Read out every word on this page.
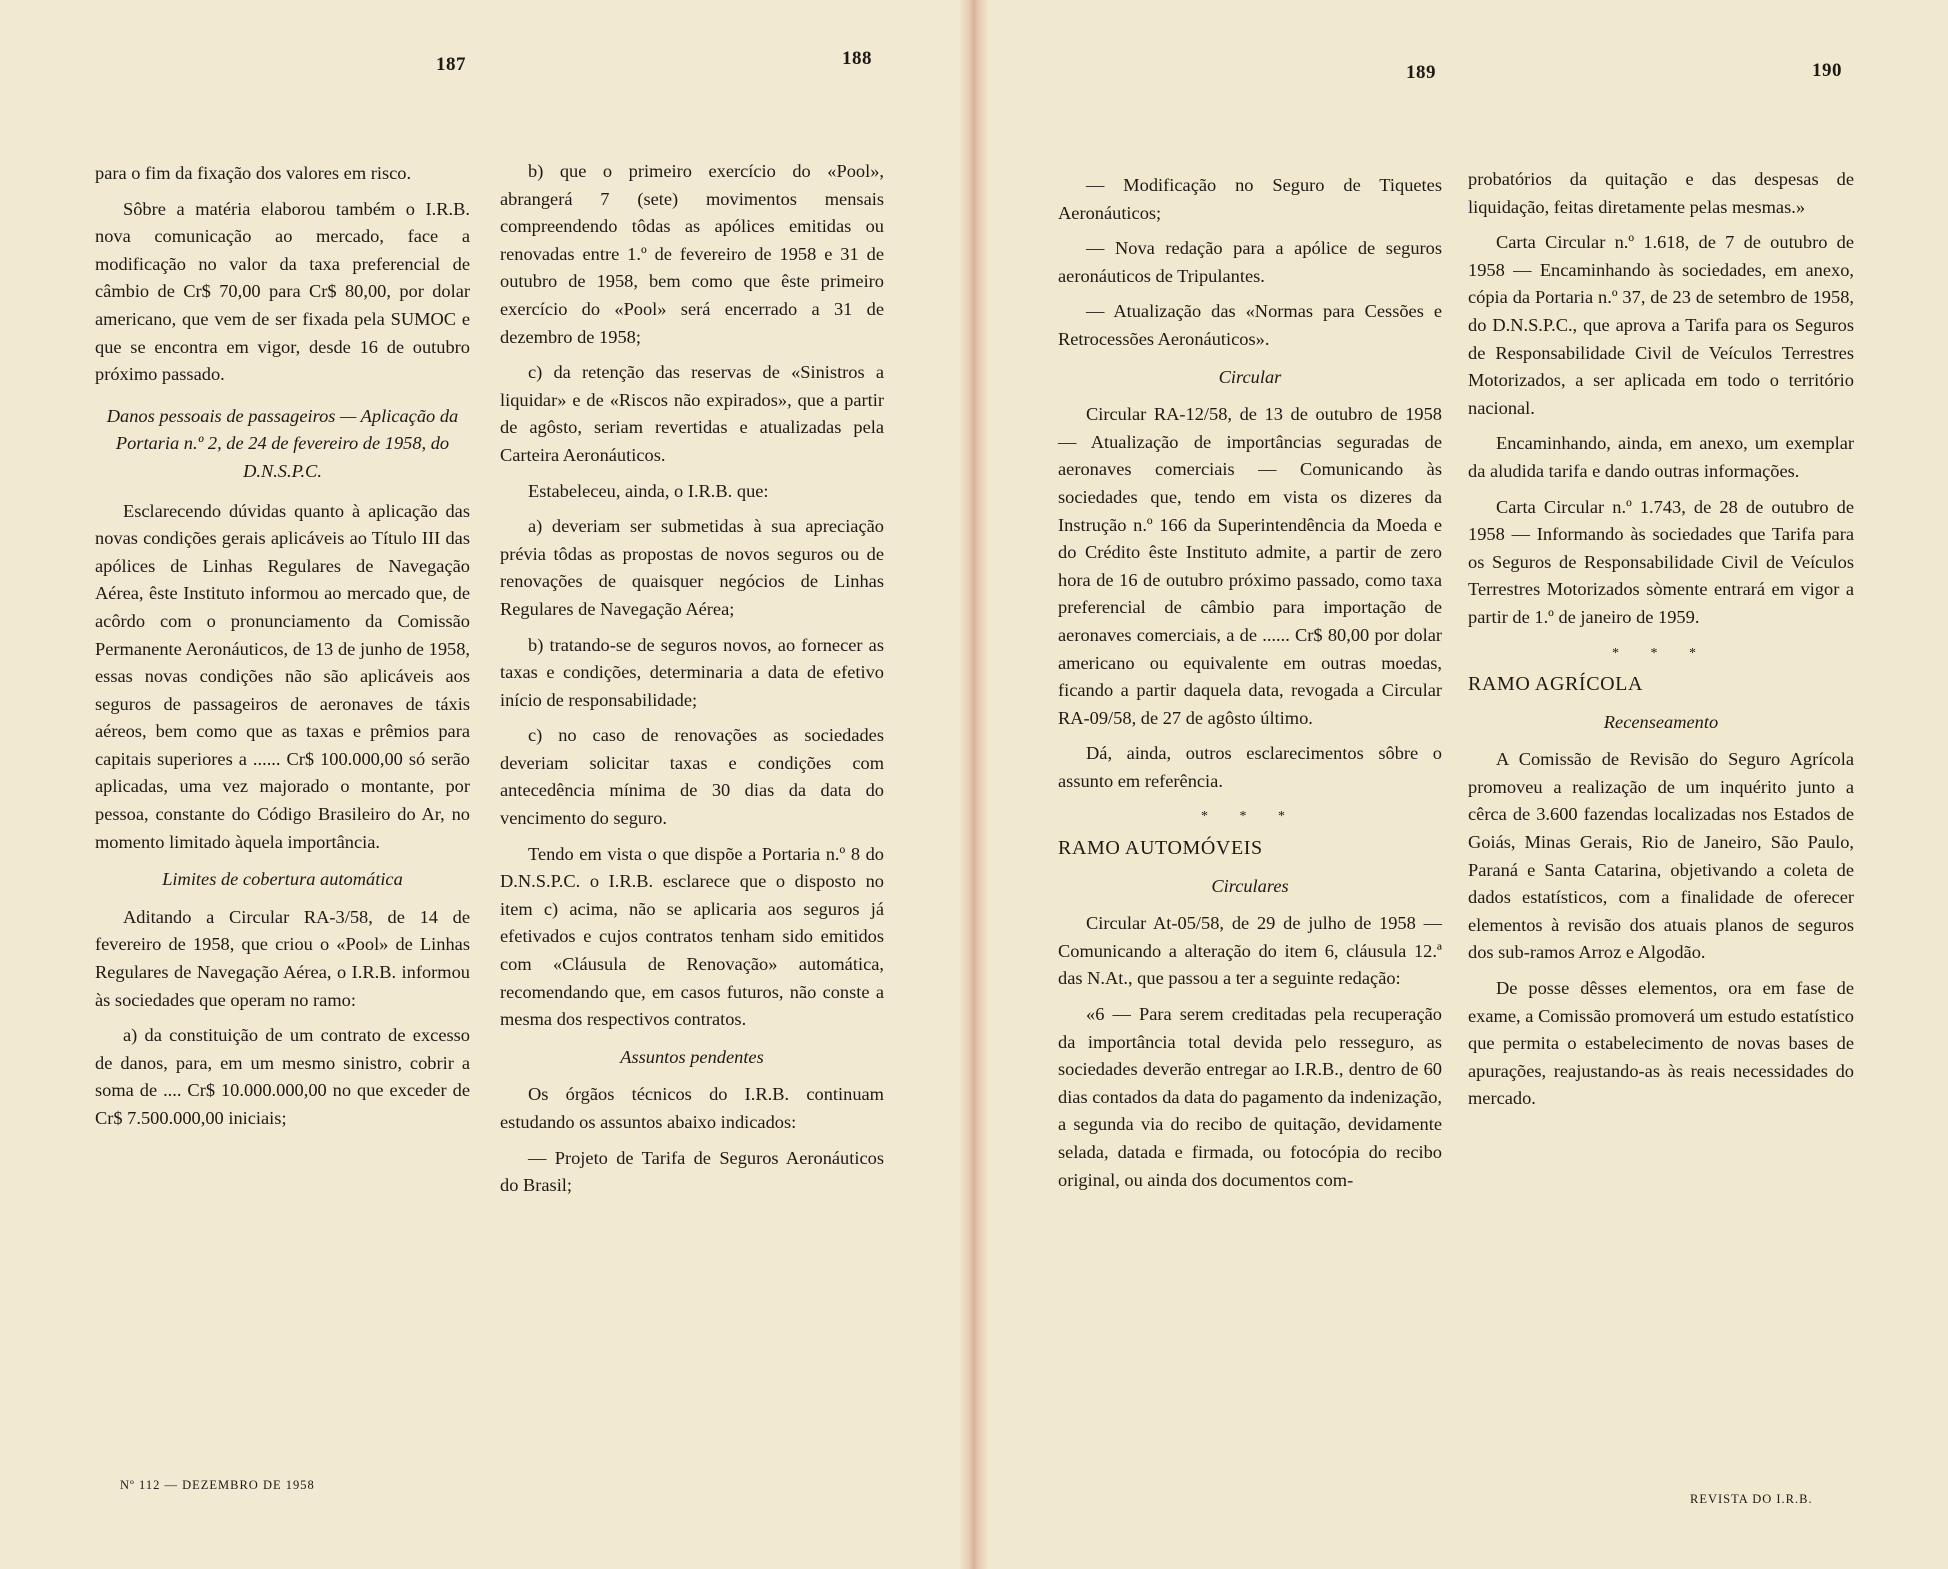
187	188
189	190

para o fim da fixação dos valores em risco.

Sôbre a matéria elaborou também o I.R.B. nova comunicação ao mercado, face a modificação no valor da taxa preferencial de câmbio de Cr$ 70,00 para Cr$ 80,00, por dolar americano, que vem de ser fixada pela SUMOC e que se encontra em vigor, desde 16 de outubro próximo passado.

Danos pessoais de passageiros — Aplicação da Portaria n.º 2, de 24 de fevereiro de 1958, do D.N.S.P.C.

Esclarecendo dúvidas quanto à aplicação das novas condições gerais aplicáveis ao Título III das apólices de Linhas Regulares de Navegação Aérea, êste Instituto informou ao mercado que, de acôrdo com o pronunciamento da Comissão Permanente Aeronáuticos, de 13 de junho de 1958, essas novas condições não são aplicáveis aos seguros de passageiros de aeronaves de táxis aéreos, bem como que as taxas e prêmios para capitais superiores a ...... Cr$ 100.000,00 só serão aplicadas, uma vez majorado o montante, por pessoa, constante do Código Brasileiro do Ar, no momento limitado àquela importância.

Limites de cobertura automática

Aditando a Circular RA-3/58, de 14 de fevereiro de 1958, que criou o «Pool» de Linhas Regulares de Navegação Aérea, o I.R.B. informou às sociedades que operam no ramo:

a) da constituição de um contrato de excesso de danos, para, em um mesmo sinistro, cobrir a soma de .... Cr$ 10.000.000,00 no que exceder de Cr$ 7.500.000,00 iniciais;

b) que o primeiro exercício do «Pool», abrangerá 7 (sete) movimentos mensais compreendendo tôdas as apólices emitidas ou renovadas entre 1.º de fevereiro de 1958 e 31 de outubro de 1958, bem como que êste primeiro exercício do «Pool» será encerrado a 31 de dezembro de 1958;

c) da retenção das reservas de «Sinistros a liquidar» e de «Riscos não expirados», que a partir de agôsto, seriam revertidas e atualizadas pela Carteira Aeronáuticos.

Estabeleceu, ainda, o I.R.B. que:

a) deveriam ser submetidas à sua apreciação prévia tôdas as propostas de novos seguros ou de renovações de quaisquer negócios de Linhas Regulares de Navegação Aérea;

b) tratando-se de seguros novos, ao fornecer as taxas e condições, determinaria a data de efetivo início de responsabilidade;

c) no caso de renovações as sociedades deveriam solicitar taxas e condições com antecedência mínima de 30 dias da data do vencimento do seguro.

Tendo em vista o que dispõe a Portaria n.º 8 do D.N.S.P.C. o I.R.B. esclarece que o disposto no item c) acima, não se aplicaria aos seguros já efetivados e cujos contratos tenham sido emitidos com «Cláusula de Renovação» automática, recomendando que, em casos futuros, não conste a mesma dos respectivos contratos.

Assuntos pendentes

Os órgãos técnicos do I.R.B. continuam estudando os assuntos abaixo indicados:

— Projeto de Tarifa de Seguros Aeronáuticos do Brasil;

— Modificação no Seguro de Tiquetes Aeronáuticos;

— Nova redação para a apólice de seguros aeronáuticos de Tripulantes.

— Atualização das «Normas para Cessões e Retrocessões Aeronáuticos».

Circular

Circular RA-12/58, de 13 de outubro de 1958 — Atualização de importâncias seguradas de aeronaves comerciais — Comunicando às sociedades que, tendo em vista os dizeres da Instrução n.º 166 da Superintendência da Moeda e do Crédito êste Instituto admite, a partir de zero hora de 16 de outubro próximo passado, como taxa preferencial de câmbio para importação de aeronaves comerciais, a de ...... Cr$ 80,00 por dolar americano ou equivalente em outras moedas, ficando a partir daquela data, revogada a Circular RA-09/58, de 27 de agôsto último.

Dá, ainda, outros esclarecimentos sôbre o assunto em referência.

* * *

RAMO AUTOMÓVEIS

Circulares

Circular At-05/58, de 29 de julho de 1958 — Comunicando a alteração do item 6, cláusula 12.ª das N.At., que passou a ter a seguinte redação:

«6 — Para serem creditadas pela recuperação da importância total devida pelo resseguro, as sociedades deverão entregar ao I.R.B., dentro de 60 dias contados da data do pagamento da indenização, a segunda via do recibo de quitação, devidamente selada, datada e firmada, ou fotocópia do recibo original, ou ainda dos documentos com-

probatórios da quitação e das despesas de liquidação, feitas diretamente pelas mesmas.»

Carta Circular n.º 1.618, de 7 de outubro de 1958 — Encaminhando às sociedades, em anexo, cópia da Portaria n.º 37, de 23 de setembro de 1958, do D.N.S.P.C., que aprova a Tarifa para os Seguros de Responsabilidade Civil de Veículos Terrestres Motorizados, a ser aplicada em todo o território nacional.

Encaminhando, ainda, em anexo, um exemplar da aludida tarifa e dando outras informações.

Carta Circular n.º 1.743, de 28 de outubro de 1958 — Informando às sociedades que Tarifa para os Seguros de Responsabilidade Civil de Veículos Terrestres Motorizados sòmente entrará em vigor a partir de 1.º de janeiro de 1959.

* * *

RAMO AGRÍCOLA

Recenseamento

A Comissão de Revisão do Seguro Agrícola promoveu a realização de um inquérito junto a cêrca de 3.600 fazendas localizadas nos Estados de Goiás, Minas Gerais, Rio de Janeiro, São Paulo, Paraná e Santa Catarina, objetivando a coleta de dados estatísticos, com a finalidade de oferecer elementos à revisão dos atuais planos de seguros dos sub-ramos Arroz e Algodão.

De posse dêsses elementos, ora em fase de exame, a Comissão promoverá um estudo estatístico que permita o estabelecimento de novas bases de apurações, reajustando-as às reais necessidades do mercado.

Nº 112 — DEZEMBRO DE 1958
REVISTA DO I.R.B.
